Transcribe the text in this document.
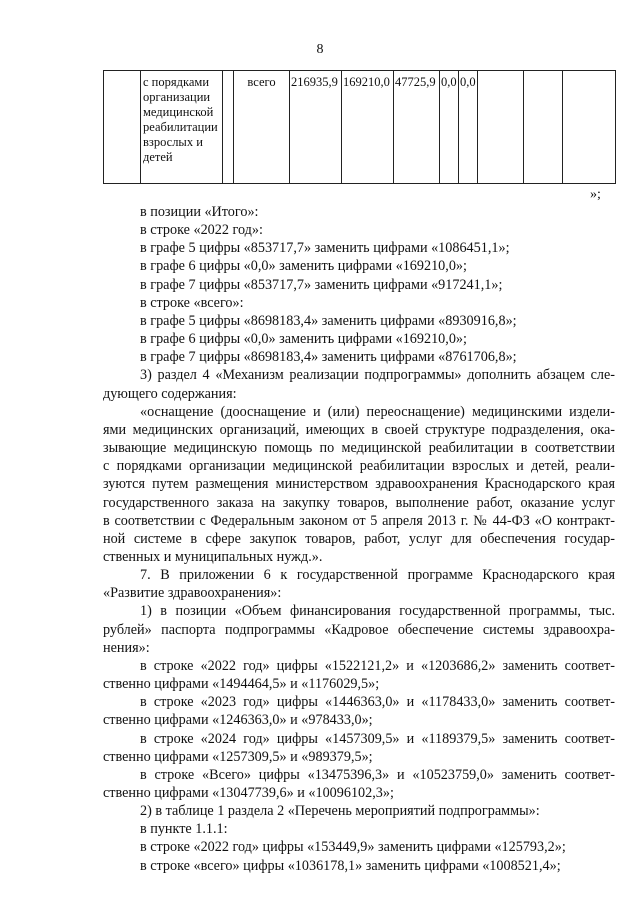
8
	с порядками организации медицинской реабилитации взрослых и детей		всего	216935,9	169210,0	47725,9	0,0	0,0			
»;

в позиции «Итого»:

в строке «2022 год»:

в графе 5 цифры «853717,7» заменить цифрами «1086451,1»;

в графе 6 цифры «0,0» заменить цифрами «169210,0»;

в графе 7 цифры «853717,7» заменить цифрами «917241,1»;

в строке «всего»:

в графе 5 цифры «8698183,4» заменить цифрами «8930916,8»;

в графе 6 цифры «0,0» заменить цифрами «169210,0»;

в графе 7 цифры «8698183,4» заменить цифрами «8761706,8»;

3) раздел 4 «Механизм реализации подпрограммы» дополнить абзацем сле-

дующего содержания:

«оснащение (дооснащение и (или) переоснащение) медицинскими издели-

ями медицинских организаций, имеющих в своей структуре подразделения, ока-

зывающие медицинскую помощь по медицинской реабилитации в соответствии

с порядками организации медицинской реабилитации взрослых и детей, реали-

зуются путем размещения министерством здравоохранения Краснодарского края

государственного заказа на закупку товаров, выполнение работ, оказание услуг

в соответствии с Федеральным законом от 5 апреля 2013 г. № 44-ФЗ «О контракт-

ной системе в сфере закупок товаров, работ, услуг для обеспечения государ-

ственных и муниципальных нужд.».

7. В приложении 6 к государственной программе Краснодарского края

«Развитие здравоохранения»:

1) в позиции «Объем финансирования государственной программы, тыс.

рублей» паспорта подпрограммы «Кадровое обеспечение системы здравоохра-

нения»:

в строке «2022 год» цифры «1522121,2» и «1203686,2» заменить соответ-

ственно цифрами «1494464,5» и «1176029,5»;

в строке «2023 год» цифры «1446363,0» и «1178433,0» заменить соответ-

ственно цифрами «1246363,0» и «978433,0»;

в строке «2024 год» цифры «1457309,5» и «1189379,5» заменить соответ-

ственно цифрами «1257309,5» и «989379,5»;

в строке «Всего» цифры «13475396,3» и «10523759,0» заменить соответ-

ственно цифрами «13047739,6» и «10096102,3»;

2) в таблице 1 раздела 2 «Перечень мероприятий подпрограммы»:

в пункте 1.1.1:

в строке «2022 год» цифры «153449,9» заменить цифрами «125793,2»;

в строке «всего» цифры «1036178,1» заменить цифрами «1008521,4»;
